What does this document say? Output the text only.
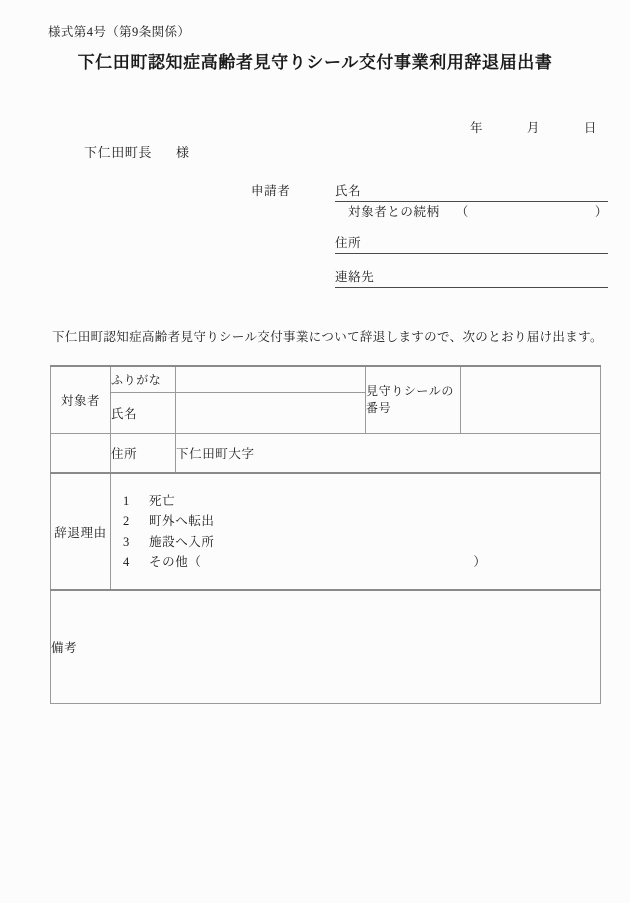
様式第4号（第9条関係）
下仁田町認知症高齢者見守りシール交付事業利用辞退届出書
年	月	日
下仁田町長 様
申請者	氏名
対象者との続柄 （	）
住所
連絡先
下仁田町認知症高齢者見守りシール交付事業について辞退しますので、次のとおり届け出ます。
対象者	ふりがな		見守りシールの番号	
	氏名			
	住所	下仁田町大字		
辞退理由	
1	死亡
2	町外へ転出
3	施設へ入所
4	その他 （	）

備考				
